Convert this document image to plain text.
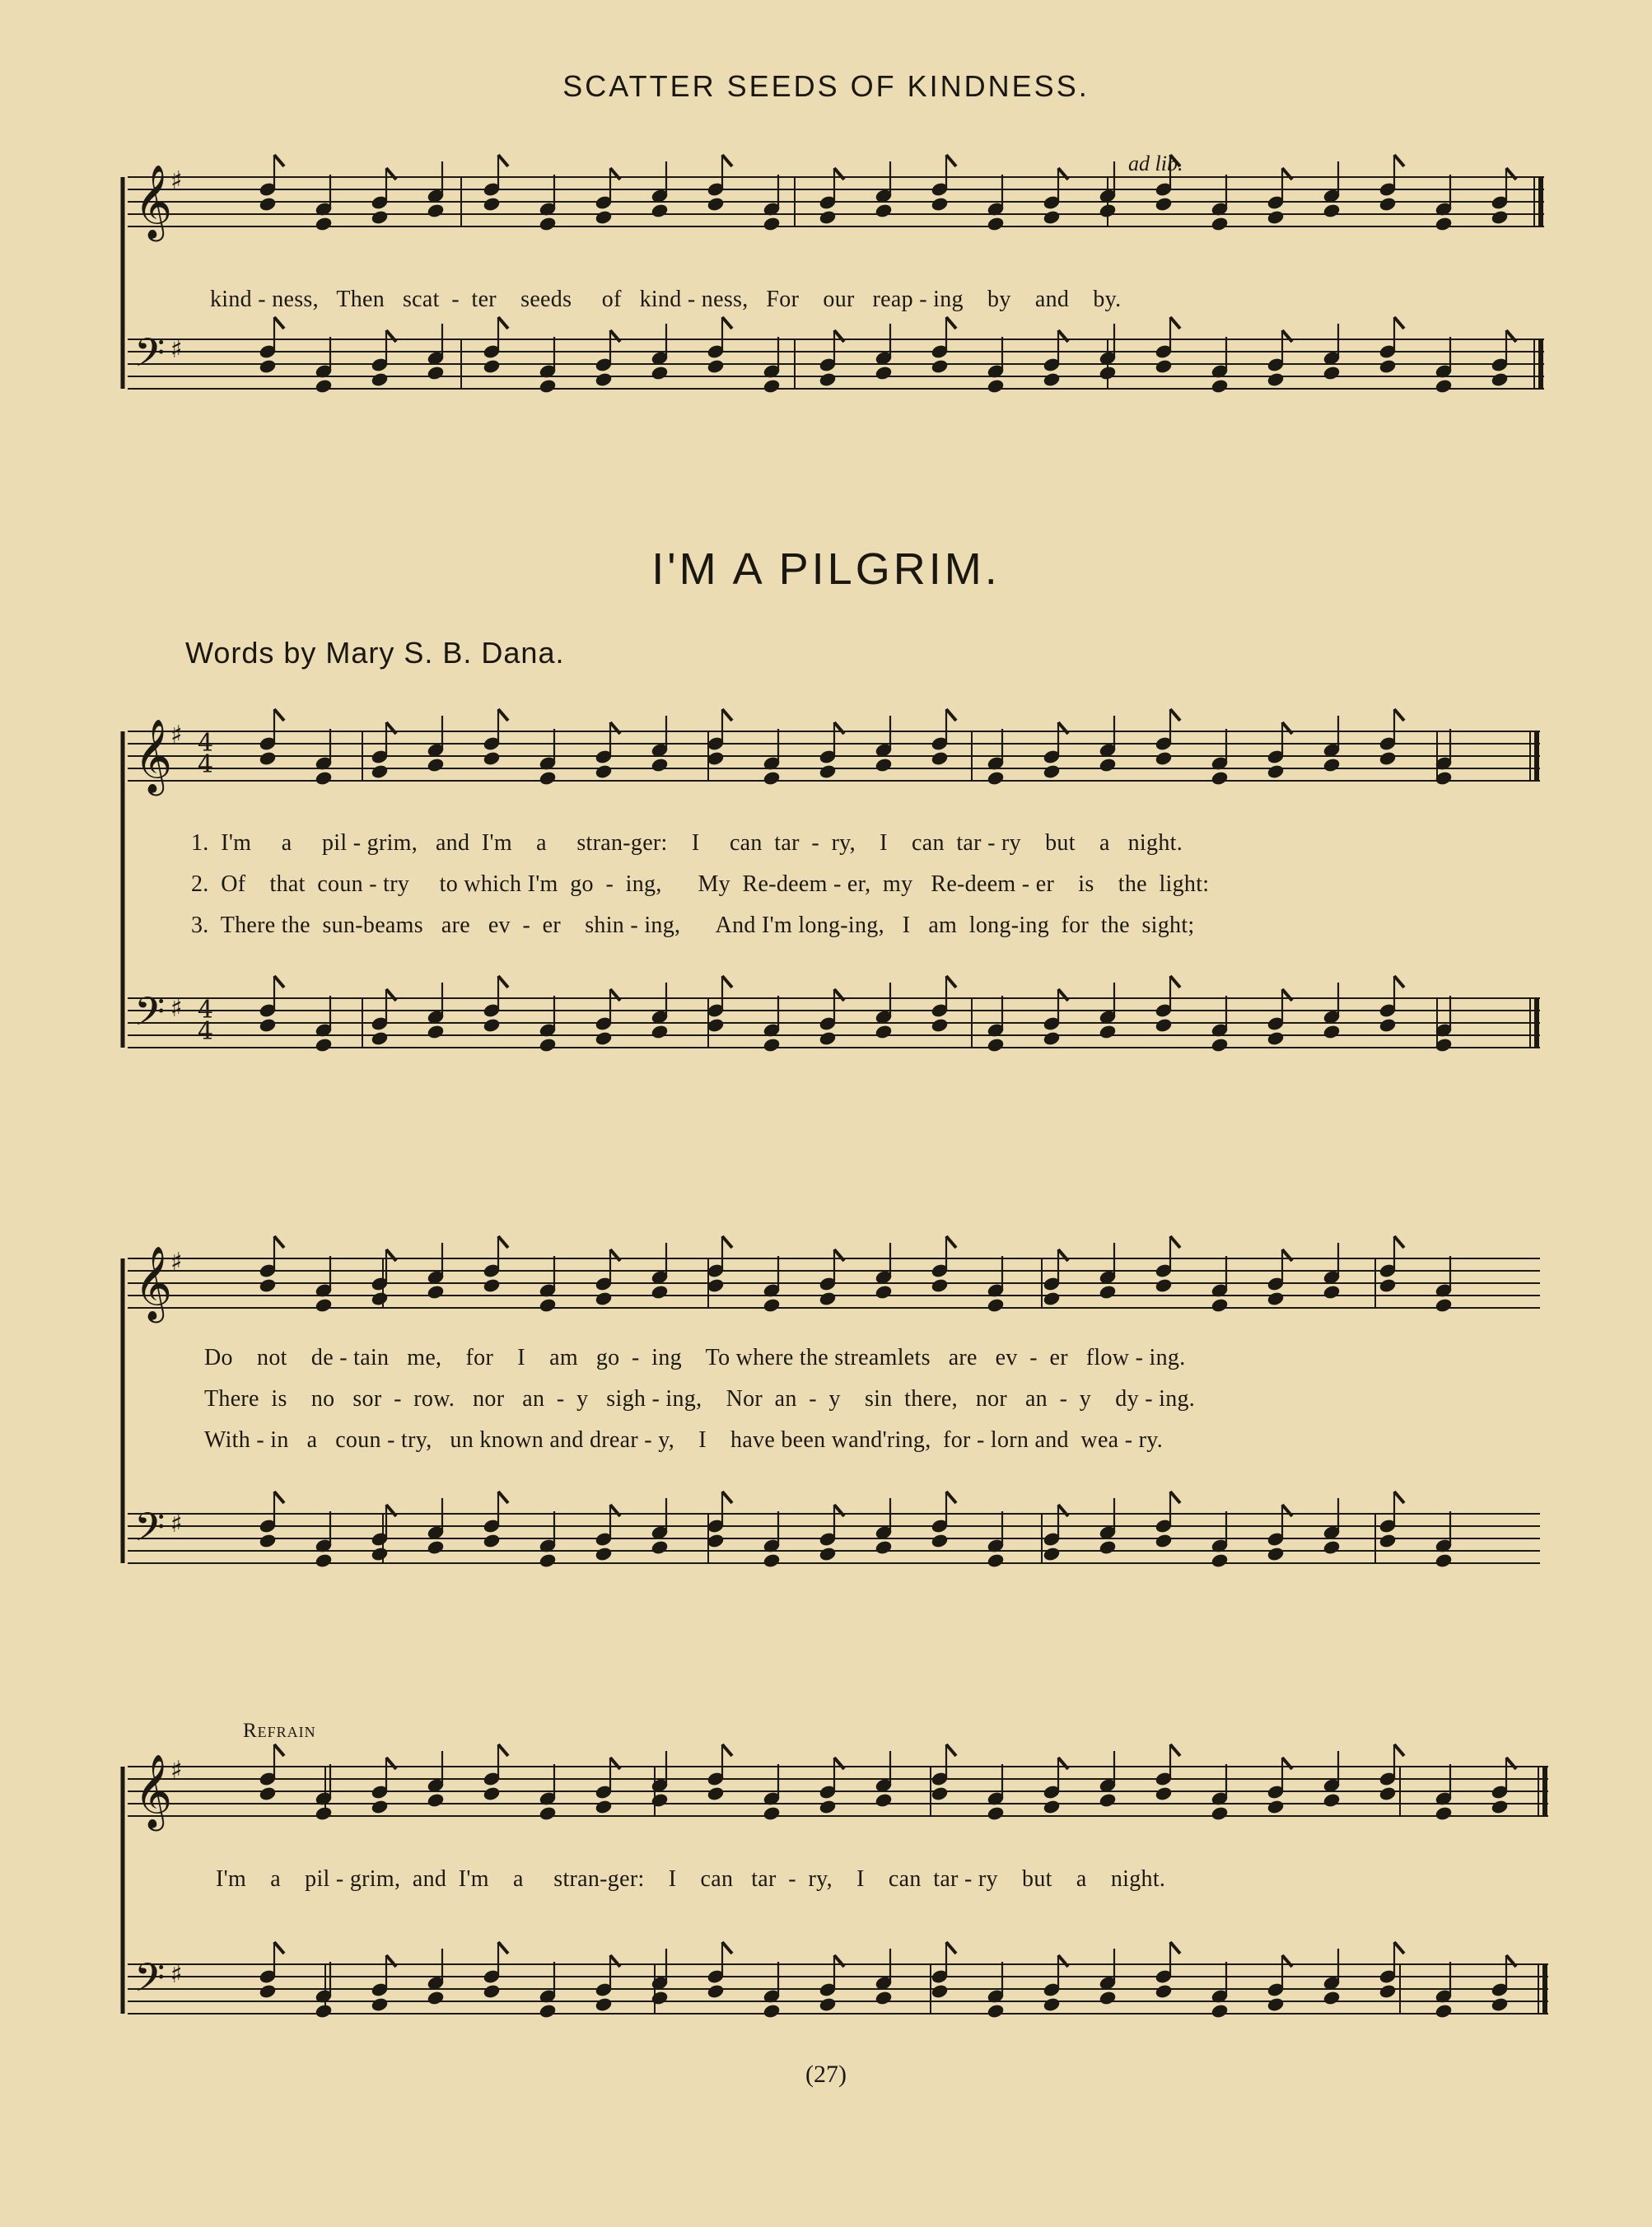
SCATTER SEEDS OF KINDNESS.
𝄞
♯
𝄢 ♯
𝄞
♯
𝄢 ♯
4
4
4
4
𝄞
♯
𝄢 ♯
𝄞
♯
𝄢 ♯
ad lib.
kind - ness,   Then   scat  -  ter    seeds     of   kind - ness,   For    our   reap - ing    by    and    by.
I'M A PILGRIM.
Words by Mary S. B. Dana.
1.  I'm     a     pil - grim,   and  I'm    a     stran-ger:    I     can  tar  -  ry,    I    can  tar - ry    but    a   night.
2.  Of    that  coun - try     to which I'm  go  -  ing,      My  Re-deem - er,  my   Re-deem - er    is    the  light:
3.  There the  sun-beams   are   ev  -  er    shin - ing,      And I'm long-ing,   I   am  long-ing  for  the  sight;
Do    not    de - tain   me,    for    I    am   go  -  ing    To where the streamlets   are   ev  -  er   flow - ing.
There  is    no   sor  -  row.   nor   an  -  y   sigh - ing,    Nor  an  -  y    sin  there,   nor   an  -  y    dy - ing.
With - in   a   coun - try,   un known and drear - y,    I    have been wand'ring,  for - lorn and  wea - ry.
Refrain
I'm    a    pil - grim,  and  I'm    a     stran-ger:    I    can   tar  -  ry,    I    can  tar - ry    but    a    night.
(27)
